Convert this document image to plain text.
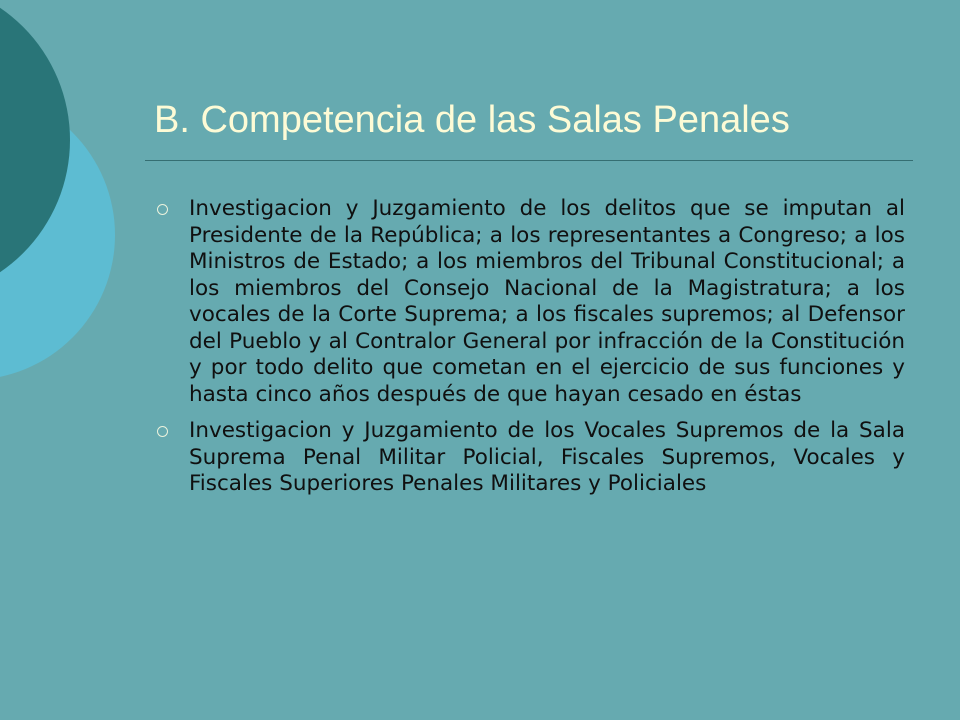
B. Competencia de las Salas Penales
Investigacion y Juzgamiento de los delitos que se imputan al Presidente de la República; a los representantes a Congreso; a los Ministros de Estado; a los miembros del Tribunal Constitucional; a los miembros del Consejo Nacional de la Magistratura; a los vocales de la Corte Suprema; a los fiscales supremos; al Defensor del Pueblo y al Contralor General por infracción de la Constitución y por todo delito que cometan en el ejercicio de sus funciones y hasta cinco años después de que hayan cesado en éstas
Investigacion y Juzgamiento de los Vocales Supremos de la Sala Suprema Penal Militar Policial, Fiscales Supremos, Vocales y Fiscales Superiores Penales Militares y Policiales
